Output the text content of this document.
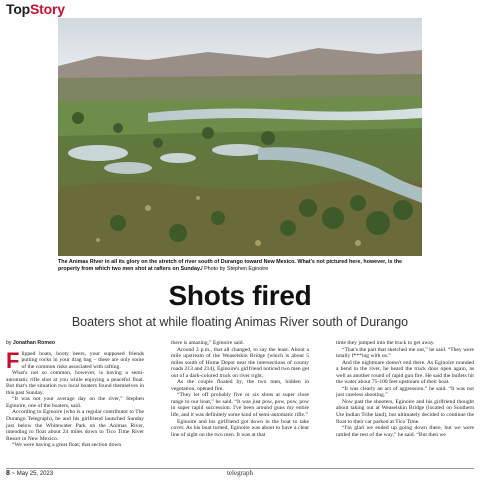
TopStory
The Animas River in all its glory on the stretch of river south of Durango toward New Mexico. What's not pictured here, however, is the property from which two men shot at rafters on Sunday./ Photo by Stephen Eginoire
Shots fired
Boaters shot at while floating Animas River south of Durango
by Jonathan Romeo

Flipped boats, booty beers, your supposed friends putting rocks in your drag bag – these are only some of the common risks associated with rafting.

What's not so common, however, is having a semi-automatic rifle shot at you while enjoying a peaceful float. But that's the situation two local boaters found themselves in this past Sunday.

“It was not your average day on the river,” Stephen Eginoire, one of the boaters, said.

According to Eginoire (who is a regular contributor to The Durango Telegraph), he and his girlfriend launched Sunday just below the Whitewater Park on the Animas River, intending to float about 24 miles down to Tico Time River Resort in New Mexico.

“We were having a great float; that section down

there is amazing,” Eginoire said.

Around 3 p.m., that all changed, to say the least. About a mile upstream of the Weaselskin Bridge (which is about 5 miles south of Home Depot near the intersections of county roads 213 and 214), Eginoire's girlfriend noticed two men get out of a dark-colored truck on river right.

As the couple floated by, the two men, hidden in vegetation, opened fire.

“They let off probably five or six shots at super close range to our boat,” he said. “It was just pow, pow, pow, pow in super rapid succession. I've been around guns my entire life, and it was definitely some kind of semi-automatic rifle.”

Eginoire and his girlfriend got down in the boat to take cover. As his boat turned, Eginoire was about to have a clear line of sight on the two men. It was at that

time they jumped into the truck to get away.

“That's the part that sketched me out,” he said. “They were totally f***ing with us.”

And the nightmare doesn't end there. As Eginoire rounded a bend in the river, he heard the truck door open again, as well as another round of rapid gun fire. He said the bullets hit the water about 75-100 feet upstream of their boat.

“It was clearly an act of aggression,” he said. “It was not just careless shooting.”

Now past the shooters, Eginoire and his girlfriend thought about taking out at Weaselskin Bridge (located on Southern Ute Indian Tribe land), but ultimately decided to continue the float to their car parked at Tico Time.

“I'm glad we ended up going down there, but we were rattled the rest of the way,” he said. “But then we

8 ~ May 25, 2023	telegraph
